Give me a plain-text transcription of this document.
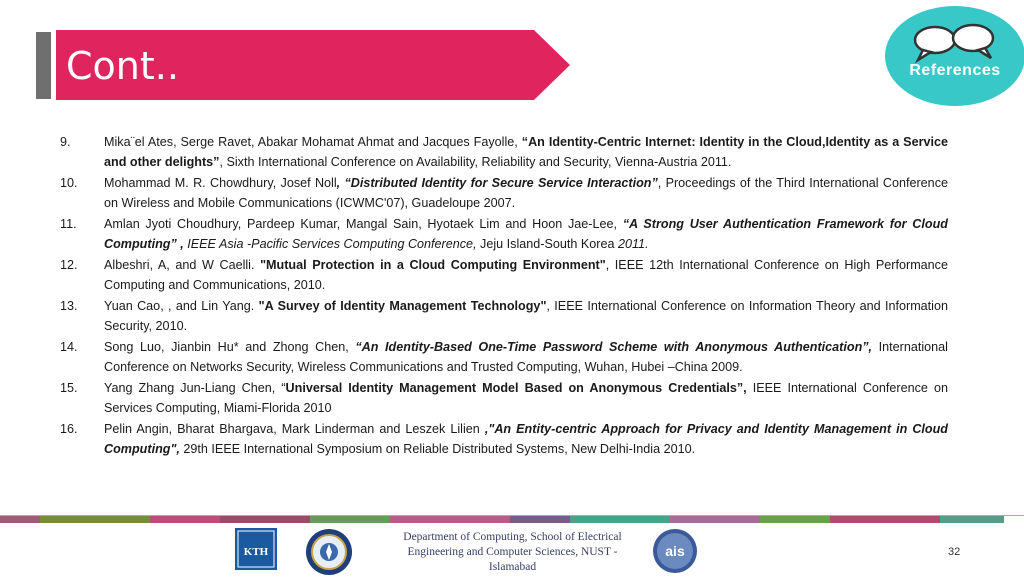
Cont..	References
9.	Mika¨el Ates, Serge Ravet, Abakar Mohamat Ahmat and Jacques Fayolle, “An Identity-Centric Internet: Identity in the Cloud,Identity as a Service and other delights”, Sixth International Conference on Availability, Reliability and Security, Vienna-Austria 2011.
10.	Mohammad M. R. Chowdhury, Josef Noll, “Distributed Identity for Secure Service Interaction”, Proceedings of the Third International Conference on Wireless and Mobile Communications (ICWMC'07), Guadeloupe 2007.
11.	Amlan Jyoti Choudhury, Pardeep Kumar, Mangal Sain, Hyotaek Lim and Hoon Jae-Lee, “A Strong User Authentication Framework for Cloud Computing” , IEEE Asia -Pacific Services Computing Conference, Jeju Island-South Korea 2011.
12.	Albeshri, A, and W Caelli. "Mutual Protection in a Cloud Computing Environment", IEEE 12th International Conference on High Performance Computing and Communications, 2010.
13.	Yuan Cao, , and Lin Yang. "A Survey of Identity Management Technology", IEEE International Conference on Information Theory and Information Security, 2010.
14.	Song Luo, Jianbin Hu* and Zhong Chen, “An Identity-Based One-Time Password Scheme with Anonymous Authentication”, International Conference on Networks Security, Wireless Communications and Trusted Computing, Wuhan, Hubei –China 2009.
15.	Yang Zhang Jun-Liang Chen, “Universal Identity Management Model Based on Anonymous Credentials”, IEEE International Conference on Services Computing, Miami-Florida 2010
16.	Pelin Angin, Bharat Bhargava, Mark Linderman and Leszek Lilien ,"An Entity-centric Approach for Privacy and Identity Management in Cloud Computing", 29th IEEE International Symposium on Reliable Distributed Systems, New Delhi-India 2010.
KTH
Department of Computing, School of Electrical Engineering and Computer Sciences, NUST - Islamabad
ais	32
